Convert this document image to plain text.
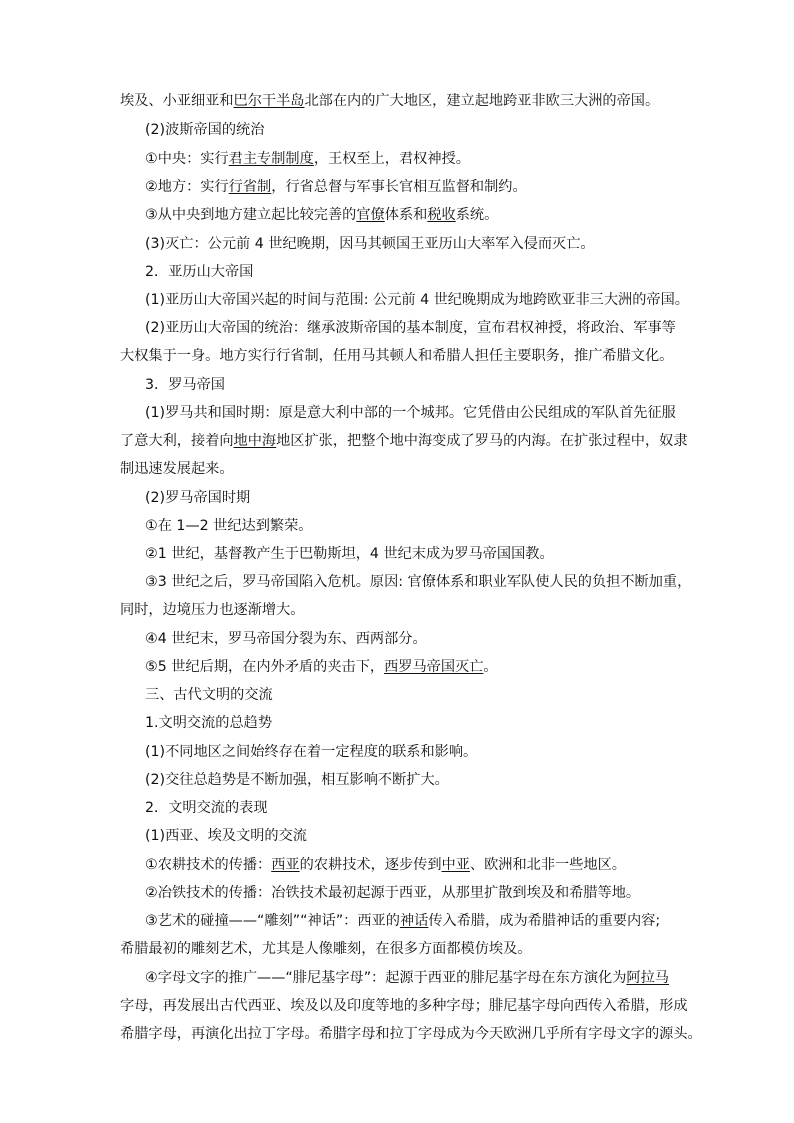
埃及、小亚细亚和巴尔干半岛北部在内的广大地区，建立起地跨亚非欧三大洲的帝国。
(2)波斯帝国的统治
①中央：实行君主专制制度，王权至上，君权神授。
②地方：实行行省制，行省总督与军事长官相互监督和制约。
③从中央到地方建立起比较完善的官僚体系和税收系统。
(3)灭亡：公元前 4 世纪晚期，因马其顿国王亚历山大率军入侵而灭亡。
2．亚历山大帝国
(1)亚历山大帝国兴起的时间与范围: 公元前 4 世纪晚期成为地跨欧亚非三大洲的帝国。
(2)亚历山大帝国的统治：继承波斯帝国的基本制度，宣布君权神授，将政治、军事等
大权集于一身。地方实行行省制，任用马其顿人和希腊人担任主要职务，推广希腊文化。
3．罗马帝国
(1)罗马共和国时期：原是意大利中部的一个城邦。它凭借由公民组成的军队首先征服
了意大利，接着向地中海地区扩张，把整个地中海变成了罗马的内海。在扩张过程中，奴隶
制迅速发展起来。
(2)罗马帝国时期
①在 1—2 世纪达到繁荣。
②1 世纪，基督教产生于巴勒斯坦，4 世纪末成为罗马帝国国教。
③3 世纪之后，罗马帝国陷入危机。原因: 官僚体系和职业军队使人民的负担不断加重，
同时，边境压力也逐渐增大。
④4 世纪末，罗马帝国分裂为东、西两部分。
⑤5 世纪后期，在内外矛盾的夹击下，西罗马帝国灭亡。
三、古代文明的交流
1.文明交流的总趋势
(1)不同地区之间始终存在着一定程度的联系和影响。
(2)交往总趋势是不断加强，相互影响不断扩大。
2．文明交流的表现
(1)西亚、埃及文明的交流
①农耕技术的传播：西亚的农耕技术，逐步传到中亚、欧洲和北非一些地区。
②冶铁技术的传播：冶铁技术最初起源于西亚，从那里扩散到埃及和希腊等地。
③艺术的碰撞——“雕刻”“神话”：西亚的神话传入希腊，成为希腊神话的重要内容;
希腊最初的雕刻艺术，尤其是人像雕刻，在很多方面都模仿埃及。
④字母文字的推广——“腓尼基字母”：起源于西亚的腓尼基字母在东方演化为阿拉马
字母，再发展出古代西亚、埃及以及印度等地的多种字母；腓尼基字母向西传入希腊，形成
希腊字母，再演化出拉丁字母。希腊字母和拉丁字母成为今天欧洲几乎所有字母文字的源头。
